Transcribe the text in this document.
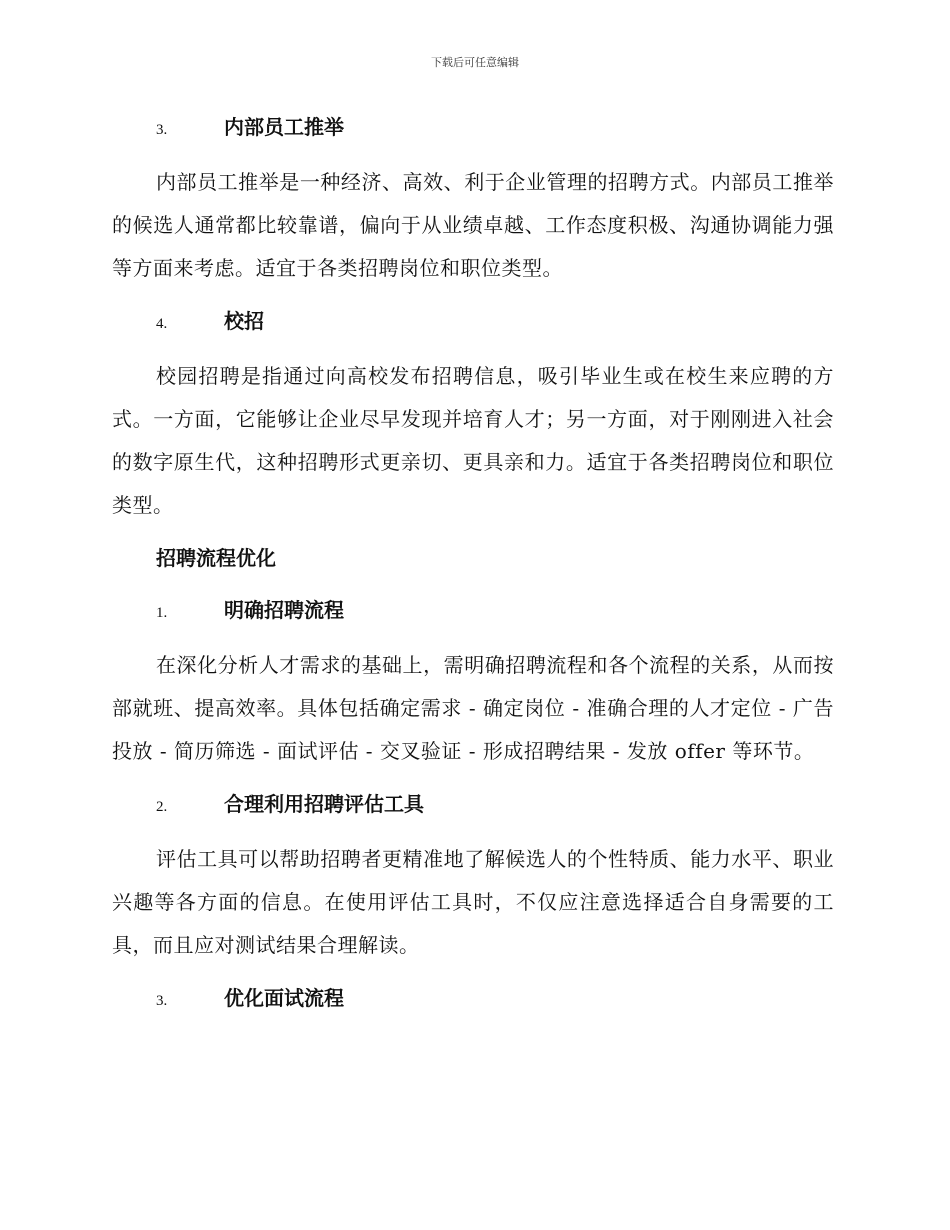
下载后可任意编辑
3.	内部员工推举

内部员工推举是一种经济、高效、利于企业管理的招聘方式。内部员工推举的候选人通常都比较靠谱，偏向于从业绩卓越、工作态度积极、沟通协调能力强等方面来考虑。适宜于各类招聘岗位和职位类型。

4.	校招

校园招聘是指通过向高校发布招聘信息，吸引毕业生或在校生来应聘的方式。一方面，它能够让企业尽早发现并培育人才；另一方面，对于刚刚进入社会的数字原生代，这种招聘形式更亲切、更具亲和力。适宜于各类招聘岗位和职位类型。

招聘流程优化
1.	明确招聘流程

在深化分析人才需求的基础上，需明确招聘流程和各个流程的关系，从而按部就班、提高效率。具体包括确定需求 - 确定岗位 - 准确合理的人才定位 - 广告投放 - 简历筛选 - 面试评估 - 交叉验证 - 形成招聘结果 - 发放 offer 等环节。

2.	合理利用招聘评估工具

评估工具可以帮助招聘者更精准地了解候选人的个性特质、能力水平、职业兴趣等各方面的信息。在使用评估工具时，不仅应注意选择适合自身需要的工具，而且应对测试结果合理解读。

3.	优化面试流程
